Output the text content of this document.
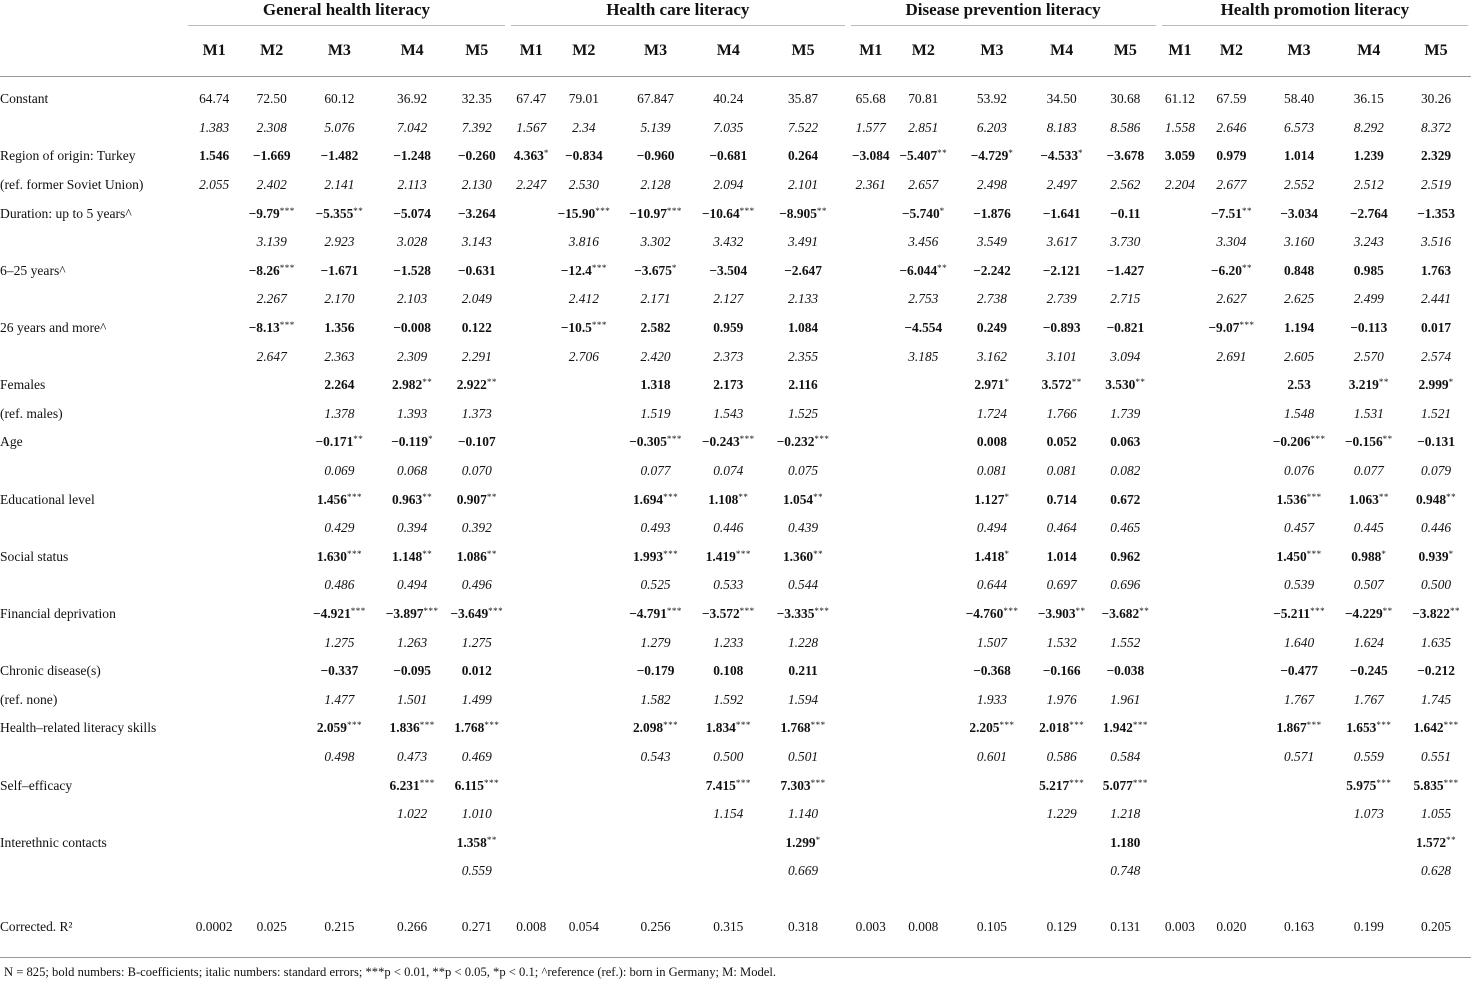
	General health literacy					Health care literacy					Disease prevention literacy					Health promotion literacy				

	M1	M2	M3	M4	M5	M1	M2	M3	M4	M5	M1	M2	M3	M4	M5	M1	M2	M3	M4	M5

Constant	64.74	72.50	60.12	36.92	32.35	67.47	79.01	67.847	40.24	35.87	65.68	70.81	53.92	34.50	30.68	61.12	67.59	58.40	36.15	30.26
	1.383	2.308	5.076	7.042	7.392	1.567	2.34	5.139	7.035	7.522	1.577	2.851	6.203	8.183	8.586	1.558	2.646	6.573	8.292	8.372
Region of origin: Turkey	1.546	−1.669	−1.482	−1.248	−0.260	4.363*	−0.834	−0.960	−0.681	0.264	−3.084	−5.407**	−4.729*	−4.533*	−3.678	3.059	0.979	1.014	1.239	2.329
(ref. former Soviet Union)	2.055	2.402	2.141	2.113	2.130	2.247	2.530	2.128	2.094	2.101	2.361	2.657	2.498	2.497	2.562	2.204	2.677	2.552	2.512	2.519
Duration: up to 5 years^		−9.79***	−5.355**	−5.074	−3.264		−15.90***	−10.97***	−10.64***	−8.905**		−5.740*	−1.876	−1.641	−0.11		−7.51**	−3.034	−2.764	−1.353
		3.139	2.923	3.028	3.143		3.816	3.302	3.432	3.491		3.456	3.549	3.617	3.730		3.304	3.160	3.243	3.516
6–25 years^		−8.26***	−1.671	−1.528	−0.631		−12.4***	−3.675*	−3.504	−2.647		−6.044**	−2.242	−2.121	−1.427		−6.20**	0.848	0.985	1.763
		2.267	2.170	2.103	2.049		2.412	2.171	2.127	2.133		2.753	2.738	2.739	2.715		2.627	2.625	2.499	2.441
26 years and more^		−8.13***	1.356	−0.008	0.122		−10.5***	2.582	0.959	1.084		−4.554	0.249	−0.893	−0.821		−9.07***	1.194	−0.113	0.017
		2.647	2.363	2.309	2.291		2.706	2.420	2.373	2.355		3.185	3.162	3.101	3.094		2.691	2.605	2.570	2.574
Females			2.264	2.982**	2.922**			1.318	2.173	2.116			2.971*	3.572**	3.530**			2.53	3.219**	2.999*
(ref. males)			1.378	1.393	1.373			1.519	1.543	1.525			1.724	1.766	1.739			1.548	1.531	1.521
Age			−0.171**	−0.119*	−0.107			−0.305***	−0.243***	−0.232***			0.008	0.052	0.063			−0.206***	−0.156**	−0.131
			0.069	0.068	0.070			0.077	0.074	0.075			0.081	0.081	0.082			0.076	0.077	0.079
Educational level			1.456***	0.963**	0.907**			1.694***	1.108**	1.054**			1.127*	0.714	0.672			1.536***	1.063**	0.948**
			0.429	0.394	0.392			0.493	0.446	0.439			0.494	0.464	0.465			0.457	0.445	0.446
Social status			1.630***	1.148**	1.086**			1.993***	1.419***	1.360**			1.418*	1.014	0.962			1.450***	0.988*	0.939*
			0.486	0.494	0.496			0.525	0.533	0.544			0.644	0.697	0.696			0.539	0.507	0.500
Financial deprivation			−4.921***	−3.897***	−3.649***			−4.791***	−3.572***	−3.335***			−4.760***	−3.903**	−3.682**			−5.211***	−4.229**	−3.822**
			1.275	1.263	1.275			1.279	1.233	1.228			1.507	1.532	1.552			1.640	1.624	1.635
Chronic disease(s)			−0.337	−0.095	0.012			−0.179	0.108	0.211			−0.368	−0.166	−0.038			−0.477	−0.245	−0.212
(ref. none)			1.477	1.501	1.499			1.582	1.592	1.594			1.933	1.976	1.961			1.767	1.767	1.745
Health–related literacy skills			2.059***	1.836***	1.768***			2.098***	1.834***	1.768***			2.205***	2.018***	1.942***			1.867***	1.653***	1.642***
			0.498	0.473	0.469			0.543	0.500	0.501			0.601	0.586	0.584			0.571	0.559	0.551
Self–efficacy				6.231***	6.115***				7.415***	7.303***				5.217***	5.077***				5.975***	5.835***
				1.022	1.010				1.154	1.140				1.229	1.218				1.073	1.055
Interethnic contacts					1.358**					1.299*					1.180					1.572**
					0.559					0.669					0.748					0.628

Corrected. R²	0.0002	0.025	0.215	0.266	0.271	0.008	0.054	0.256	0.315	0.318	0.003	0.008	0.105	0.129	0.131	0.003	0.020	0.163	0.199	0.205
N = 825; bold numbers: B-coefficients; italic numbers: standard errors; ***p < 0.01, **p < 0.05, *p < 0.1; ^reference (ref.): born in Germany; M: Model.
